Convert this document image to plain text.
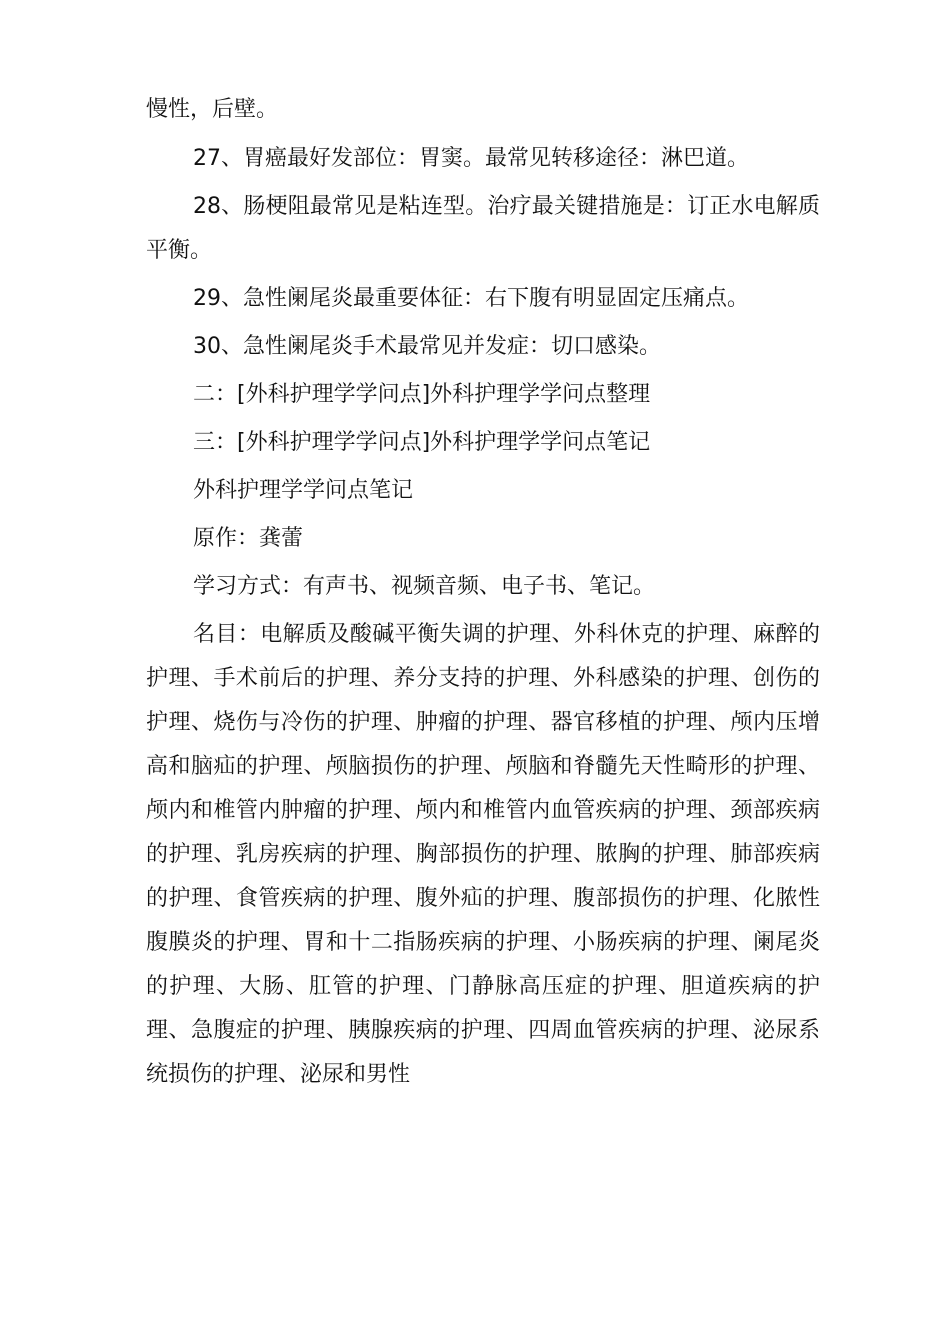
慢性，后壁。

27、胃癌最好发部位：胃窦。最常见转移途径：淋巴道。

28、肠梗阻最常见是粘连型。治疗最关键措施是：订正水电解质平衡。

29、急性阑尾炎最重要体征：右下腹有明显固定压痛点。

30、急性阑尾炎手术最常见并发症：切口感染。

二：[外科护理学学问点]外科护理学学问点整理

三：[外科护理学学问点]外科护理学学问点笔记

外科护理学学问点笔记

原作：龚蕾

学习方式：有声书、视频音频、电子书、笔记。

名目：电解质及酸碱平衡失调的护理、外科休克的护理、麻醉的护理、手术前后的护理、养分支持的护理、外科感染的护理、创伤的护理、烧伤与冷伤的护理、肿瘤的护理、器官移植的护理、颅内压增高和脑疝的护理、颅脑损伤的护理、颅脑和脊髓先天性畸形的护理、颅内和椎管内肿瘤的护理、颅内和椎管内血管疾病的护理、颈部疾病的护理、乳房疾病的护理、胸部损伤的护理、脓胸的护理、肺部疾病的护理、食管疾病的护理、腹外疝的护理、腹部损伤的护理、化脓性腹膜炎的护理、胃和十二指肠疾病的护理、小肠疾病的护理、阑尾炎的护理、大肠、肛管的护理、门静脉高压症的护理、胆道疾病的护理、急腹症的护理、胰腺疾病的护理、四周血管疾病的护理、泌尿系统损伤的护理、泌尿和男性
